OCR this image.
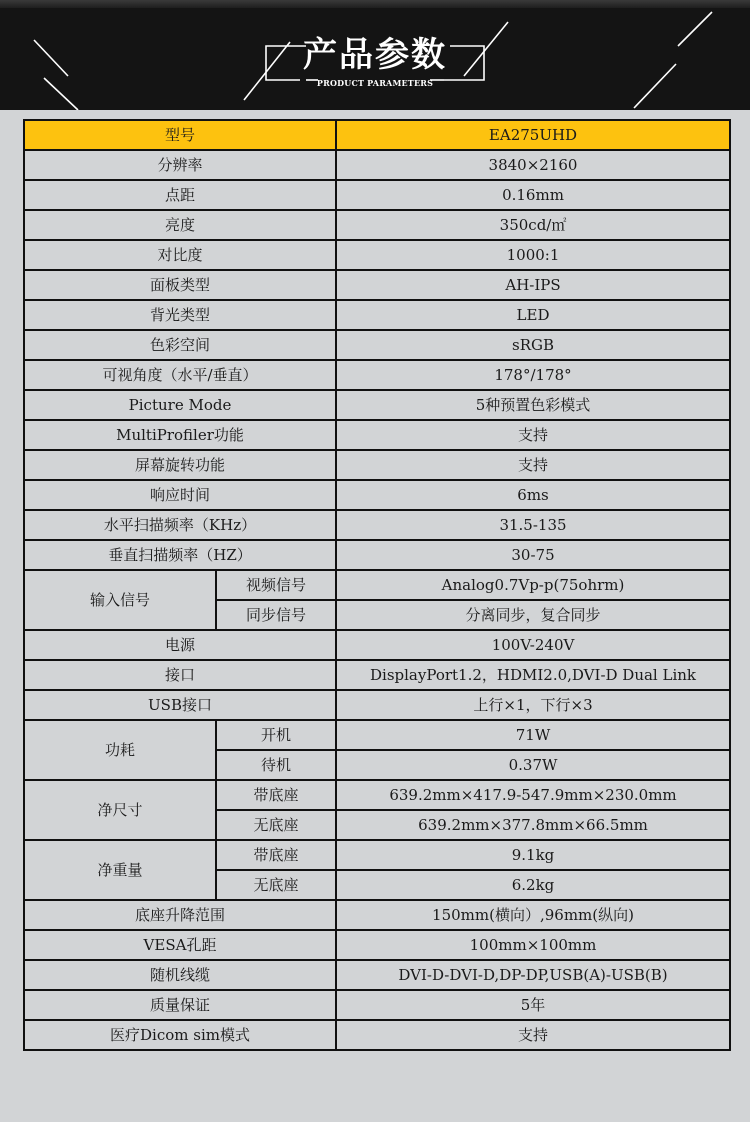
产品参数
PRODUCT PARAMETERS
型号		EA275UHD
分辨率		3840×2160
点距		0.16mm
亮度		350cd/㎡
对比度		1000:1
面板类型		AH-IPS
背光类型		LED
色彩空间		sRGB
可视角度（水平/垂直）		178°/178°
Picture Mode		5种预置色彩模式
MultiProfiler功能		支持
屏幕旋转功能		支持
响应时间		6ms
水平扫描频率（KHz）		31.5-135
垂直扫描频率（HZ）		30-75
输入信号	视频信号	Analog0.7Vp-p(75ohrm)
	同步信号	分离同步，复合同步
电源		100V-240V
接口		DisplayPort1.2，HDMI2.0,DVI-D Dual Link
USB接口		上行×1，下行×3
功耗	开机	71W
	待机	0.37W
净尺寸	带底座	639.2mm×417.9-547.9mm×230.0mm
	无底座	639.2mm×377.8mm×66.5mm
净重量	带底座	9.1kg
	无底座	6.2kg
底座升降范围		150mm(横向）,96mm(纵向)
VESA孔距		100mm×100mm
随机线缆		DVI-D-DVI-D,DP-DP,USB(A)-USB(B)
质量保证		5年
医疗Dicom sim模式		支持
